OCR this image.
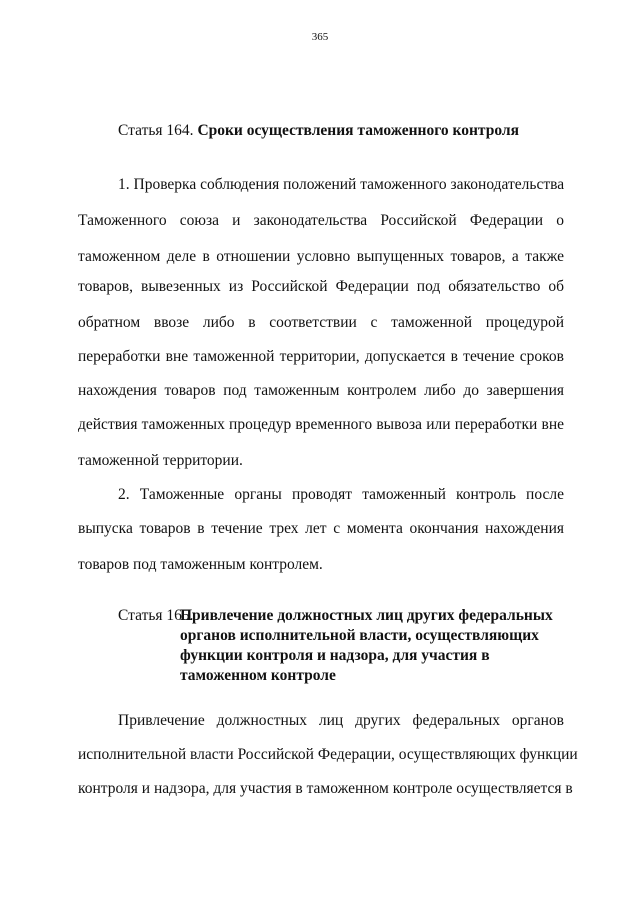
365
Статья 164. Сроки осуществления таможенного контроля
1. Проверка соблюдения положений таможенного законодательства
Таможенного союза и законодательства Российской Федерации о
таможенном деле в отношении условно выпущенных товаров, а также
товаров, вывезенных из Российской Федерации под обязательство об
обратном ввозе либо в соответствии с таможенной процедурой
переработки вне таможенной территории, допускается в течение сроков
нахождения товаров под таможенным контролем либо до завершения
действия таможенных процедур временного вывоза или переработки вне
таможенной территории.
2. Таможенные органы проводят таможенный контроль после
выпуска товаров в течение трех лет с момента окончания нахождения
товаров под таможенным контролем.
Статья 165.
Привлечение должностных лиц других федеральных
органов исполнительной власти, осуществляющих
функции контроля и надзора, для участия в
таможенном контроле
Привлечение должностных лиц других федеральных органов
исполнительной власти Российской Федерации, осуществляющих функции
контроля и надзора, для участия в таможенном контроле осуществляется в
